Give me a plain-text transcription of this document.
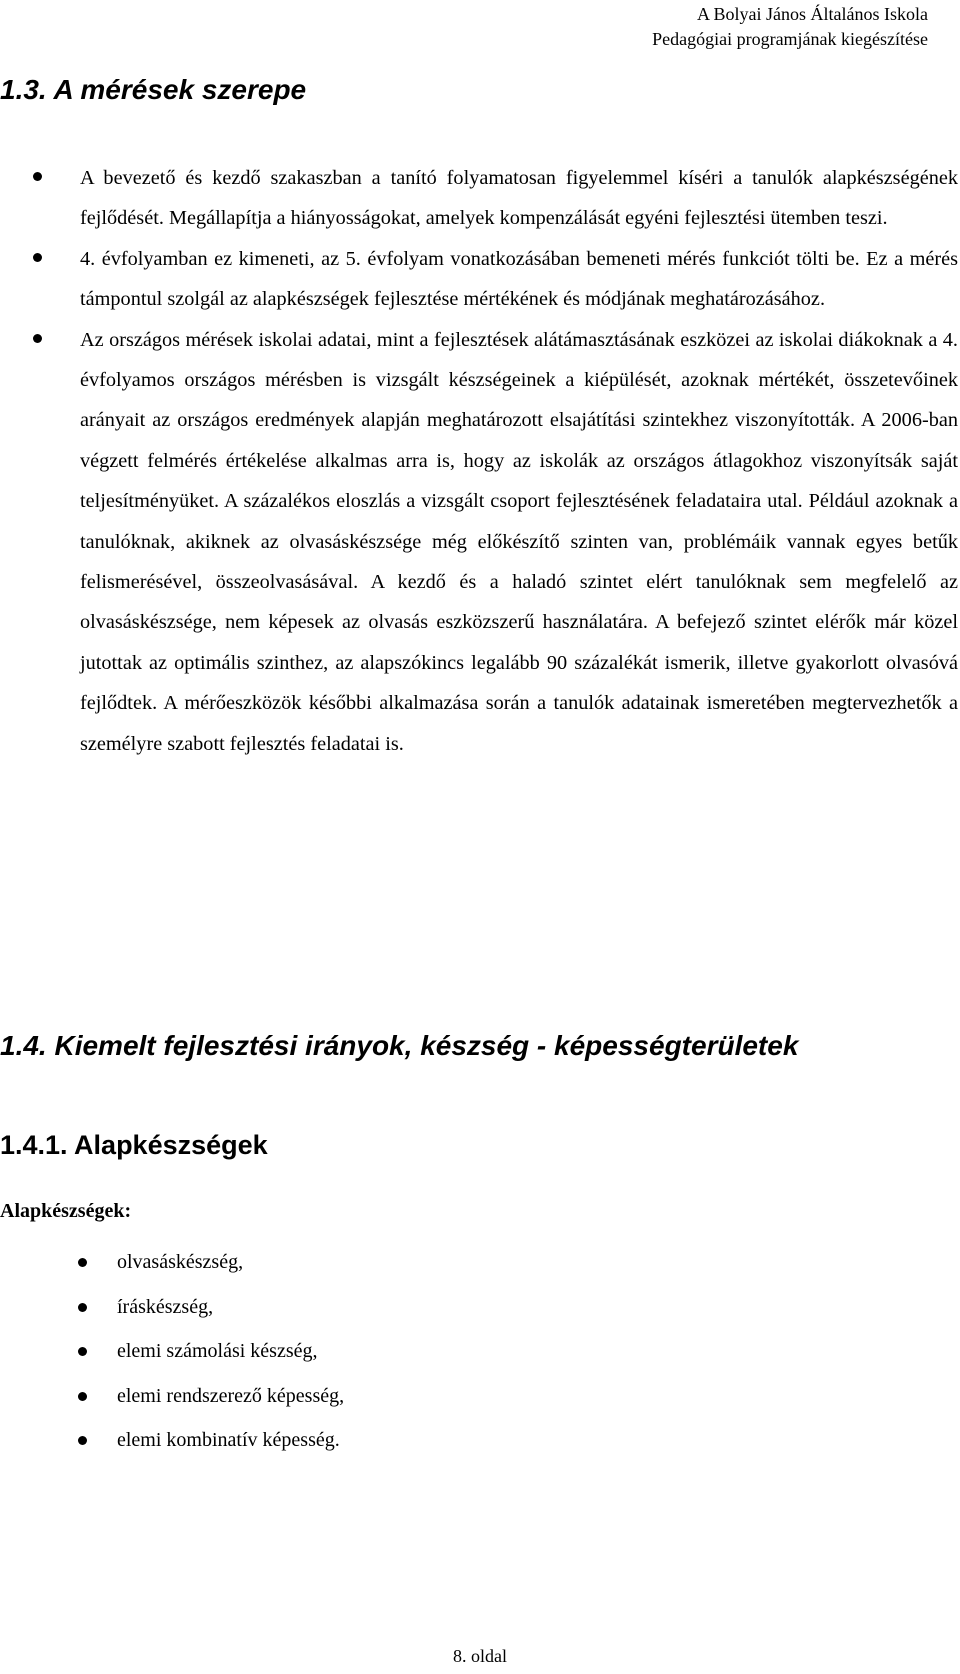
A Bolyai János Általános Iskola
Pedagógiai programjának kiegészítése
1.3. A mérések szerepe
A bevezető és kezdő szakaszban a tanító folyamatosan figyelemmel kíséri a tanulók alapkészségének fejlődését. Megállapítja a hiányosságokat, amelyek kompenzálását egyéni fejlesztési ütemben teszi.
4. évfolyamban ez kimeneti, az 5. évfolyam vonatkozásában bemeneti mérés funkciót tölti be. Ez a mérés támpontul szolgál az alapkészségek fejlesztése mértékének és módjának meghatározásához.
Az országos mérések iskolai adatai, mint a fejlesztések alátámasztásának eszközei az iskolai diákoknak a 4. évfolyamos országos mérésben is vizsgált készségeinek a kiépülését, azoknak mértékét, összetevőinek arányait az országos eredmények alapján meghatározott elsajátítási szintekhez viszonyították. A 2006-ban végzett felmérés értékelése alkalmas arra is, hogy az iskolák az országos átlagokhoz viszonyítsák saját teljesítményüket. A százalékos eloszlás a vizsgált csoport fejlesztésének feladataira utal. Például azoknak a tanulóknak, akiknek az olvasáskészsége még előkészítő szinten van, problémáik vannak egyes betűk felismerésével, összeolvasásával. A kezdő és a haladó szintet elért tanulóknak sem megfelelő az olvasáskészsége, nem képesek az olvasás eszközszerű használatára. A befejező szintet elérők már közel jutottak az optimális szinthez, az alapszókincs legalább 90 százalékát ismerik, illetve gyakorlott olvasóvá fejlődtek. A mérőeszközök későbbi alkalmazása során a tanulók adatainak ismeretében megtervezhetők a személyre szabott fejlesztés feladatai is.
1.4. Kiemelt fejlesztési irányok, készség - képességterületek
1.4.1. Alapkészségek

Alapkészségek:

olvasáskészség,
íráskészség,
elemi számolási készség,
elemi rendszerező képesség,
elemi kombinatív képesség.
8. oldal
